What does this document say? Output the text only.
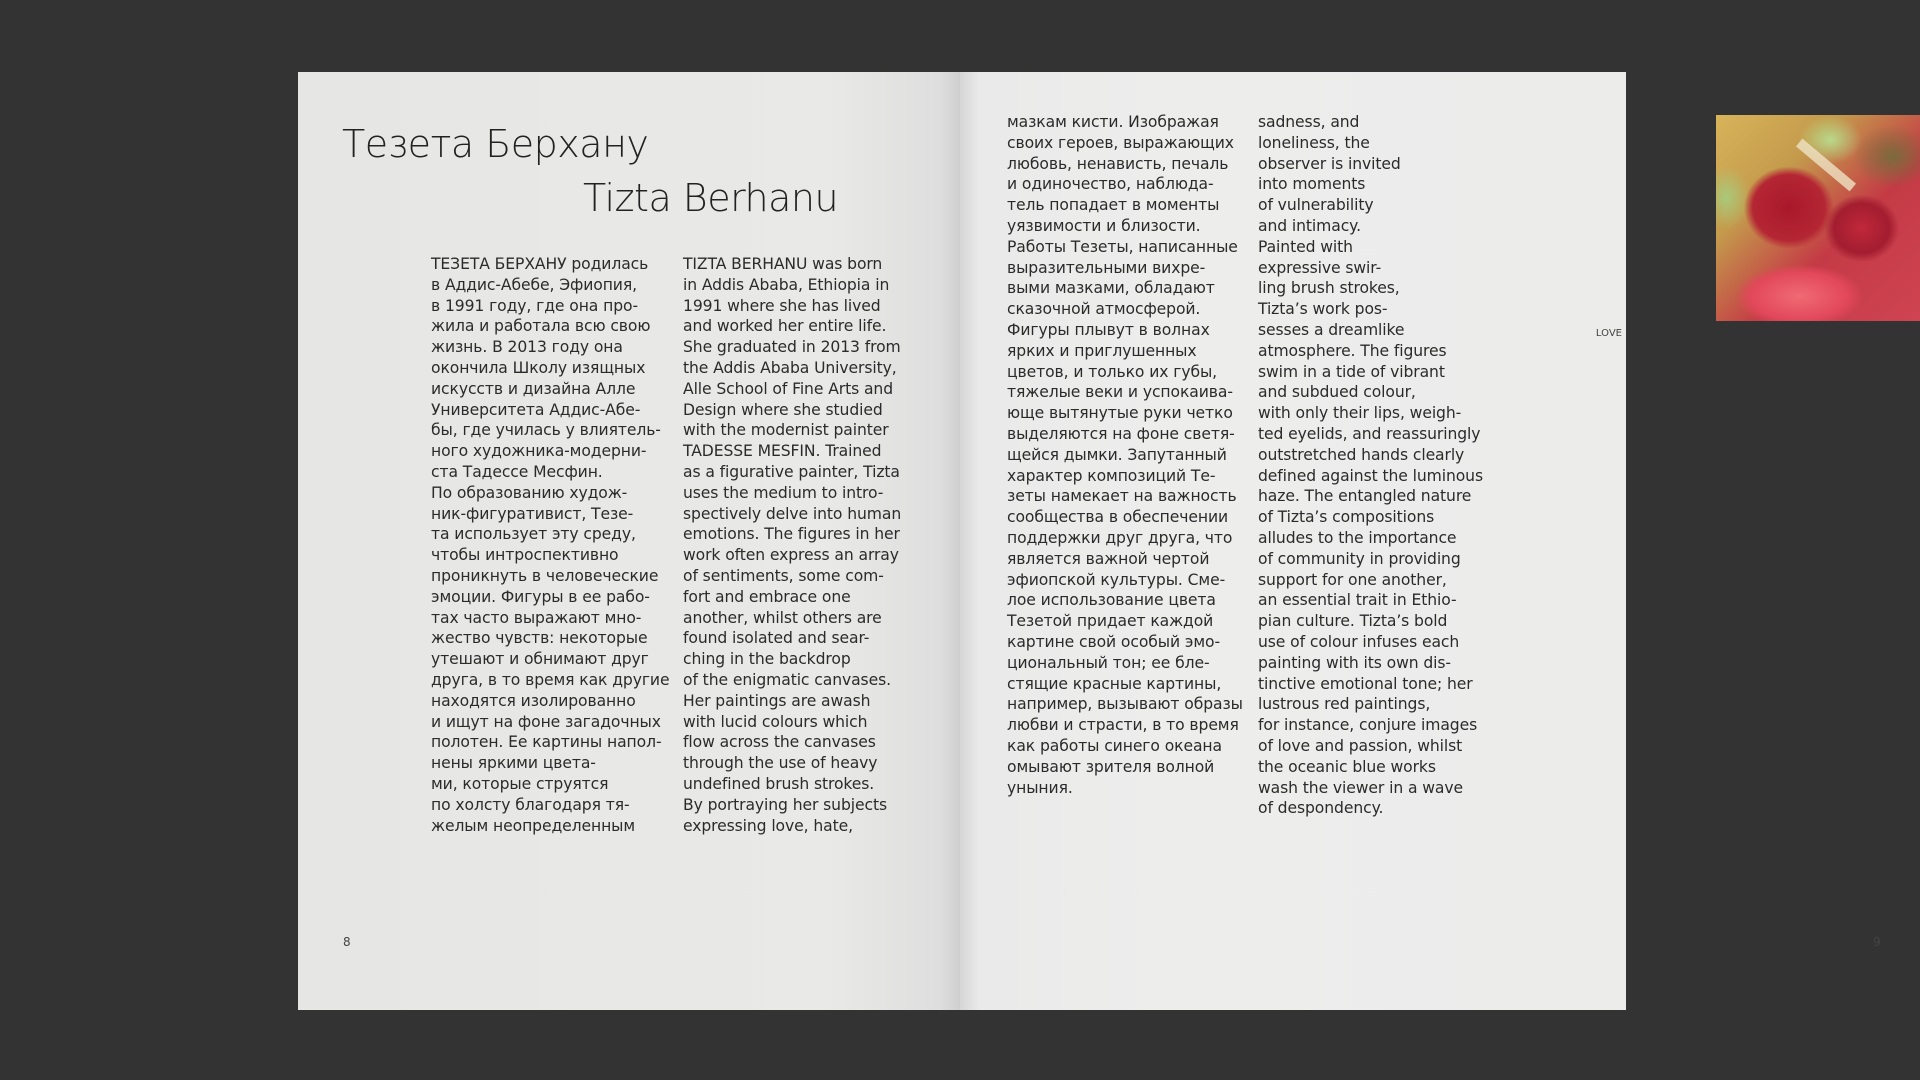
Тезета Берхану
Tizta Berhanu
ТЕЗЕТА БЕРХАНУ родилась
в Аддис-Абебе, Эфиопия,
в 1991 году, где она про-
жила и работала всю свою
жизнь. В 2013 году она
окончила Школу изящных
искусств и дизайна Алле
Университета Аддис-Абе-
бы, где училась у влиятель-
ного художника-модерни-
ста Тадессе Месфин.
По образованию худож-
ник-фигуративист, Тезе-
та использует эту среду,
чтобы интроспективно
проникнуть в человеческие
эмоции. Фигуры в ее рабо-
тах часто выражают мно-
жество чувств: некоторые
утешают и обнимают друг
друга, в то время как другие
находятся изолированно
и ищут на фоне загадочных
полотен. Ее картины напол-
нены яркими цвета-
ми, которые струятся
по холсту благодаря тя-
желым неопределенным
TIZTA BERHANU was born
in Addis Ababa, Ethiopia in
1991 where she has lived
and worked her entire life.
She graduated in 2013 from
the Addis Ababa University,
Alle School of Fine Arts and
Design where she studied
with the modernist painter
TADESSE MESFIN. Trained
as a figurative painter, Tizta
uses the medium to intro-
spectively delve into human
emotions. The figures in her
work often express an array
of sentiments, some com-
fort and embrace one
another, whilst others are
found isolated and sear-
ching in the backdrop
of the enigmatic canvases.
Her paintings are awash
with lucid colours which
flow across the canvases
through the use of heavy
undefined brush strokes.
By portraying her subjects
expressing love, hate,
8
мазкам кисти. Изображая
своих героев, выражающих
любовь, ненависть, печаль
и одиночество, наблюда-
тель попадает в моменты
уязвимости и близости.
Работы Тезеты, написанные
выразительными вихре-
выми мазками, обладают
сказочной атмосферой.
Фигуры плывут в волнах
ярких и приглушенных
цветов, и только их губы,
тяжелые веки и успокаива-
юще вытянутые руки четко
выделяются на фоне светя-
щейся дымки. Запутанный
характер композиций Те-
зеты намекает на важность
сообщества в обеспечении
поддержки друг друга, что
является важной чертой
эфиопской культуры. Сме-
лое использование цвета
Тезетой придает каждой
картине свой особый эмо-
циональный тон; ее бле-
стящие красные картины,
например, вызывают образы
любви и страсти, в то время
как работы синего океана
омывают зрителя волной
уныния.
sadness, and
loneliness, the
observer is invited
into moments
of vulnerability
and intimacy.
Painted with
expressive swir-
ling brush strokes,
Tizta’s work pos-
sesses a dreamlike
atmosphere. The figures
swim in a tide of vibrant
and subdued colour,
with only their lips, weigh-
ted eyelids, and reassuringly
outstretched hands clearly
defined against the luminous
haze. The entangled nature
of Tizta’s compositions
alludes to the importance
of community in providing
support for one another,
an essential trait in Ethio-
pian culture. Tizta’s bold
use of colour infuses each
painting with its own dis-
tinctive emotional tone; her
lustrous red paintings,
for instance, conjure images
of love and passion, whilst
the oceanic blue works
wash the viewer in a wave
of despondency.
LOVE
9
